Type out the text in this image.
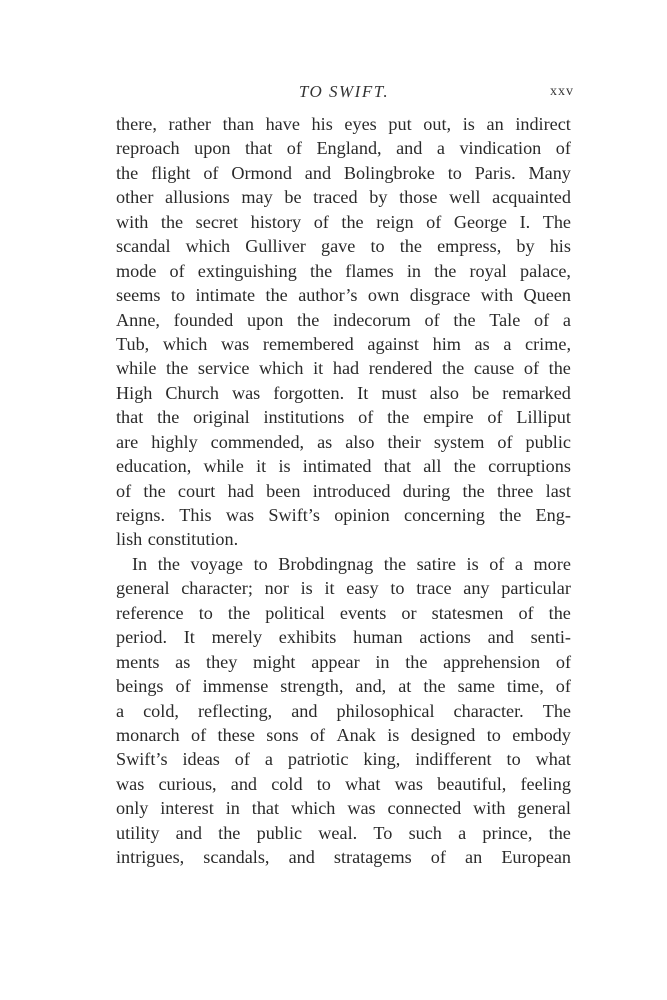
TO SWIFT.	xxv
there, rather than have his eyes put out, is an indirect
reproach upon that of England, and a vindication of
the flight of Ormond and Bolingbroke to Paris. Many
other allusions may be traced by those well acquainted
with the secret history of the reign of George I. The
scandal which Gulliver gave to the empress, by his
mode of extinguishing the flames in the royal palace,
seems to intimate the author’s own disgrace with Queen
Anne, founded upon the indecorum of the Tale of a
Tub, which was remembered against him as a crime,
while the service which it had rendered the cause of the
High Church was forgotten. It must also be remarked
that the original institutions of the empire of Lilliput
are highly commended, as also their system of public
education, while it is intimated that all the corruptions
of the court had been introduced during the three last
reigns. This was Swift’s opinion concerning the Eng-
lish constitution.
In the voyage to Brobdingnag the satire is of a more
general character; nor is it easy to trace any particular
reference to the political events or statesmen of the
period. It merely exhibits human actions and senti-
ments as they might appear in the apprehension of
beings of immense strength, and, at the same time, of
a cold, reflecting, and philosophical character. The
monarch of these sons of Anak is designed to embody
Swift’s ideas of a patriotic king, indifferent to what
was curious, and cold to what was beautiful, feeling
only interest in that which was connected with general
utility and the public weal. To such a prince, the
intrigues, scandals, and stratagems of an European
